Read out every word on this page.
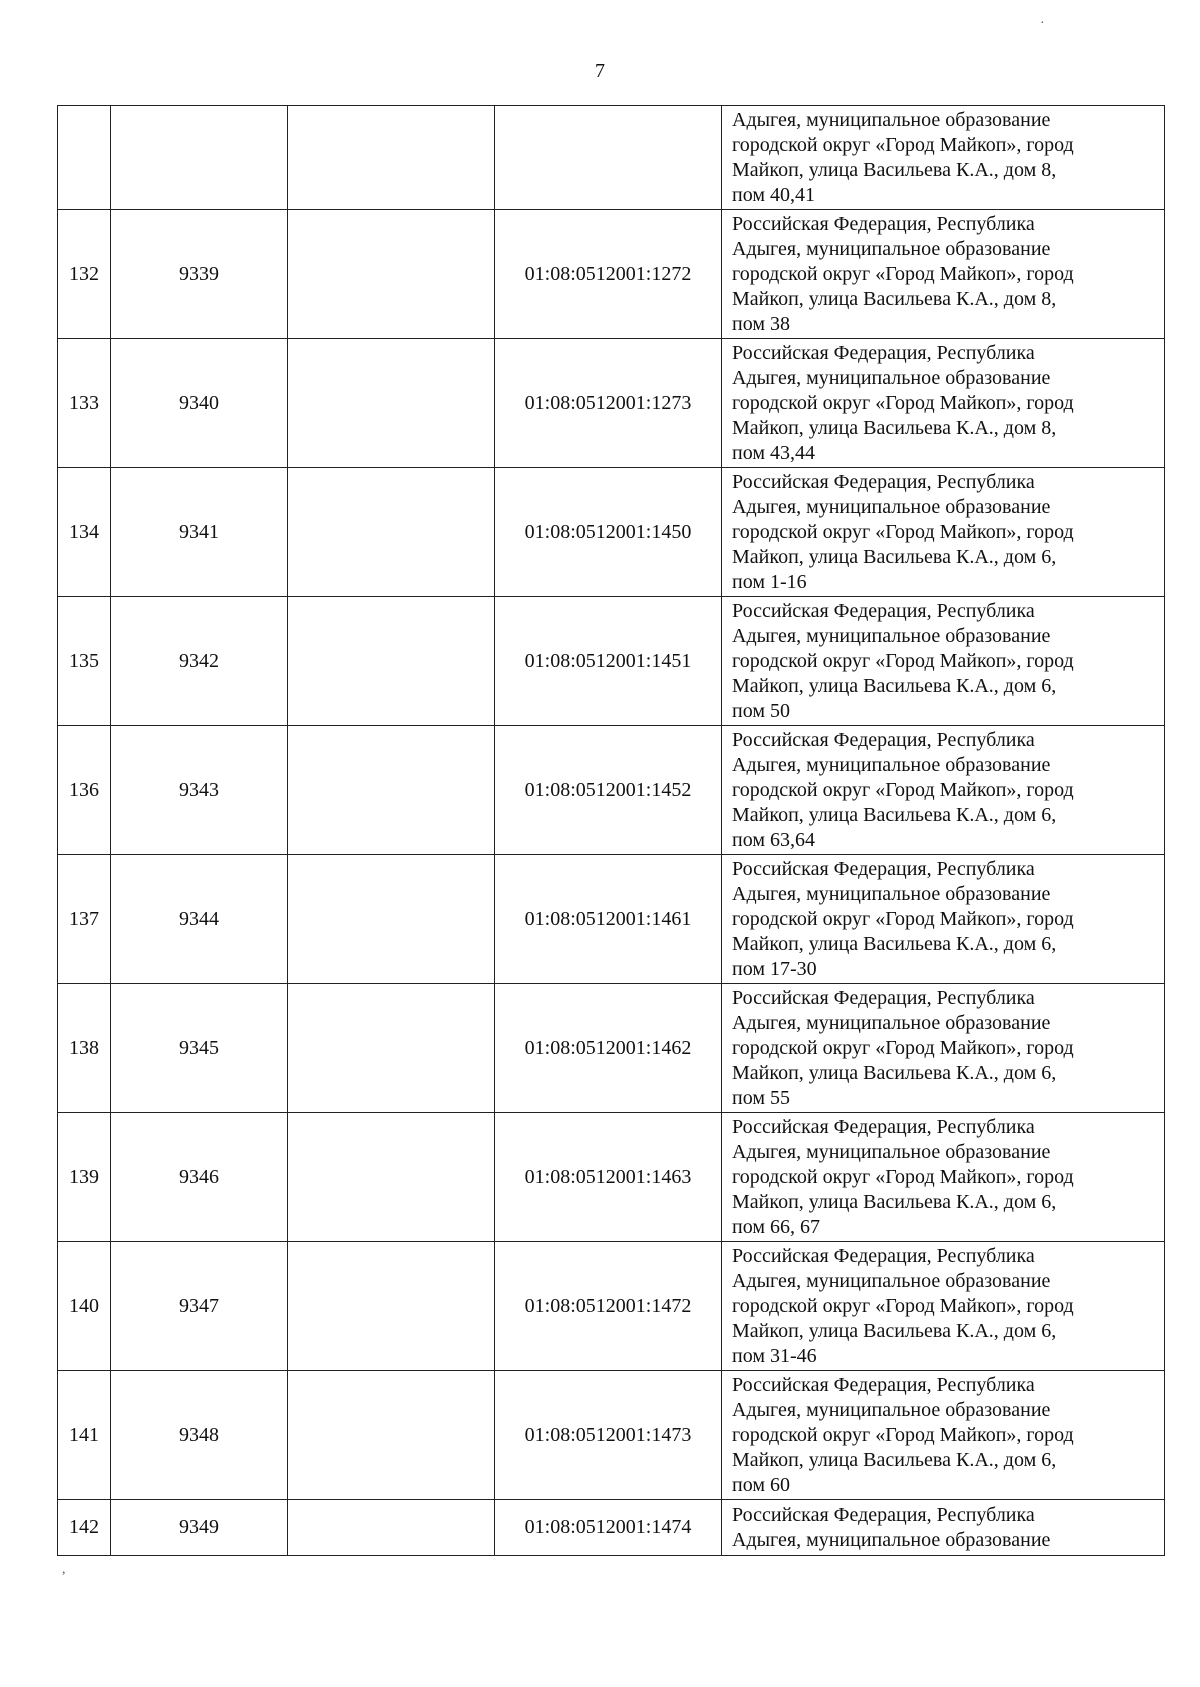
7

				Адыгея, муниципальное образование
городской округ «Город Майкоп», город
Майкоп, улица Васильева К.А., дом 8,
пом 40,41

132	9339		01:08:0512001:1272	Российская Федерация, Республика
Адыгея, муниципальное образование
городской округ «Город Майкоп», город
Майкоп, улица Васильева К.А., дом 8,
пом 38

133	9340		01:08:0512001:1273	Российская Федерация, Республика
Адыгея, муниципальное образование
городской округ «Город Майкоп», город
Майкоп, улица Васильева К.А., дом 8,
пом 43,44

134	9341		01:08:0512001:1450	Российская Федерация, Республика
Адыгея, муниципальное образование
городской округ «Город Майкоп», город
Майкоп, улица Васильева К.А., дом 6,
пом 1-16

135	9342		01:08:0512001:1451	Российская Федерация, Республика
Адыгея, муниципальное образование
городской округ «Город Майкоп», город
Майкоп, улица Васильева К.А., дом 6,
пом 50

136	9343		01:08:0512001:1452	Российская Федерация, Республика
Адыгея, муниципальное образование
городской округ «Город Майкоп», город
Майкоп, улица Васильева К.А., дом 6,
пом 63,64

137	9344		01:08:0512001:1461	Российская Федерация, Республика
Адыгея, муниципальное образование
городской округ «Город Майкоп», город
Майкоп, улица Васильева К.А., дом 6,
пом 17-30

138	9345		01:08:0512001:1462	Российская Федерация, Республика
Адыгея, муниципальное образование
городской округ «Город Майкоп», город
Майкоп, улица Васильева К.А., дом 6,
пом 55

139	9346		01:08:0512001:1463	Российская Федерация, Республика
Адыгея, муниципальное образование
городской округ «Город Майкоп», город
Майкоп, улица Васильева К.А., дом 6,
пом 66, 67

140	9347		01:08:0512001:1472	Российская Федерация, Республика
Адыгея, муниципальное образование
городской округ «Город Майкоп», город
Майкоп, улица Васильева К.А., дом 6,
пом 31-46

141	9348		01:08:0512001:1473	Российская Федерация, Республика
Адыгея, муниципальное образование
городской округ «Город Майкоп», город
Майкоп, улица Васильева К.А., дом 6,
пом 60

142	9349		01:08:0512001:1474	Российская Федерация, Республика
Адыгея, муниципальное образование
·
,
